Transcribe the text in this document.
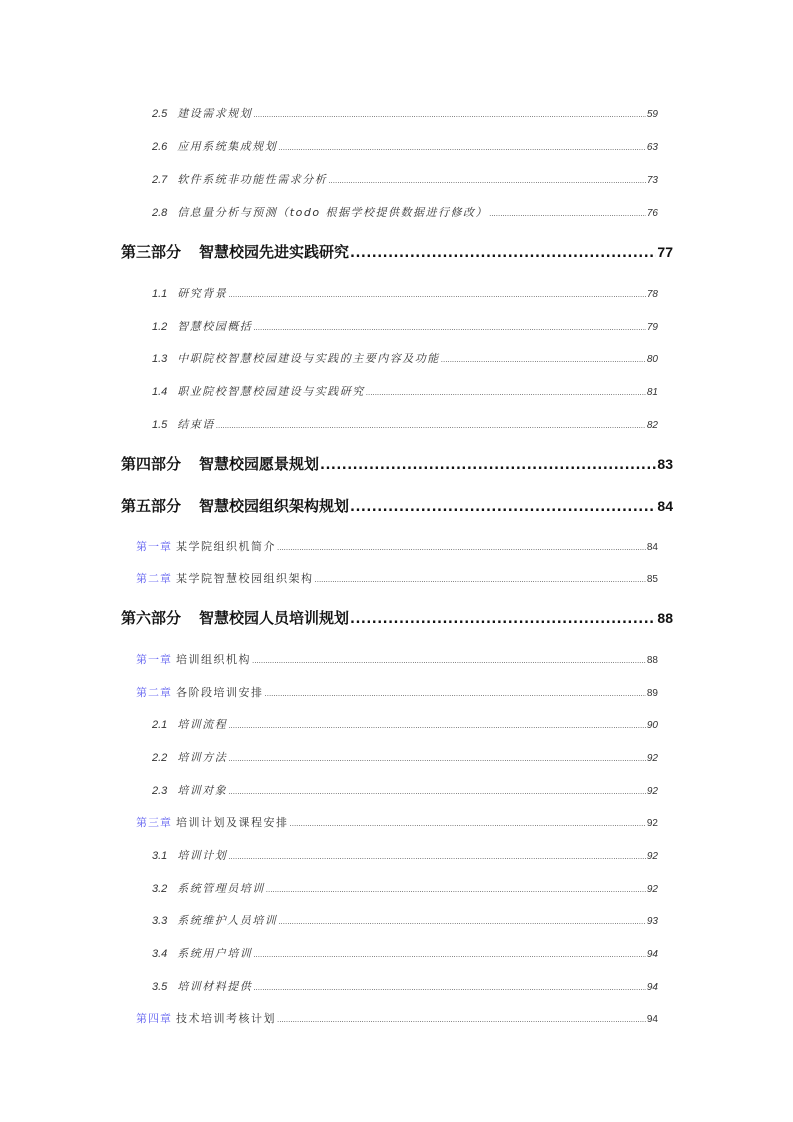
2.5 建设需求规划 .....	59
2.6 应用系统集成规划 .....	63
2.7 软件系统非功能性需求分析 .....	73
2.8 信息量分析与预测（todo 根据学校提供数据进行修改） .....	76
第三部分 智慧校园先进实践研究 .....	77
1.1 研究背景 .....	78
1.2 智慧校园概括 .....	79
1.3 中职院校智慧校园建设与实践的主要内容及功能 .....	80
1.4 职业院校智慧校园建设与实践研究 .....	81
1.5 结束语 .....	82
第四部分 智慧校园愿景规划 .....	83
第五部分 智慧校园组织架构规划 .....	84
第一章 某学院组织机简介 .....	84
第二章 某学院智慧校园组织架构 .....	85
第六部分 智慧校园人员培训规划 .....	88
第一章 培训组织机构 .....	88
第二章 各阶段培训安排 .....	89
2.1 培训流程 .....	90
2.2 培训方法 .....	92
2.3 培训对象 .....	92
第三章 培训计划及课程安排 .....	92
3.1 培训计划 .....	92
3.2 系统管理员培训 .....	92
3.3 系统维护人员培训 .....	93
3.4 系统用户培训 .....	94
3.5 培训材料提供 .....	94
第四章 技术培训考核计划 .....	94
